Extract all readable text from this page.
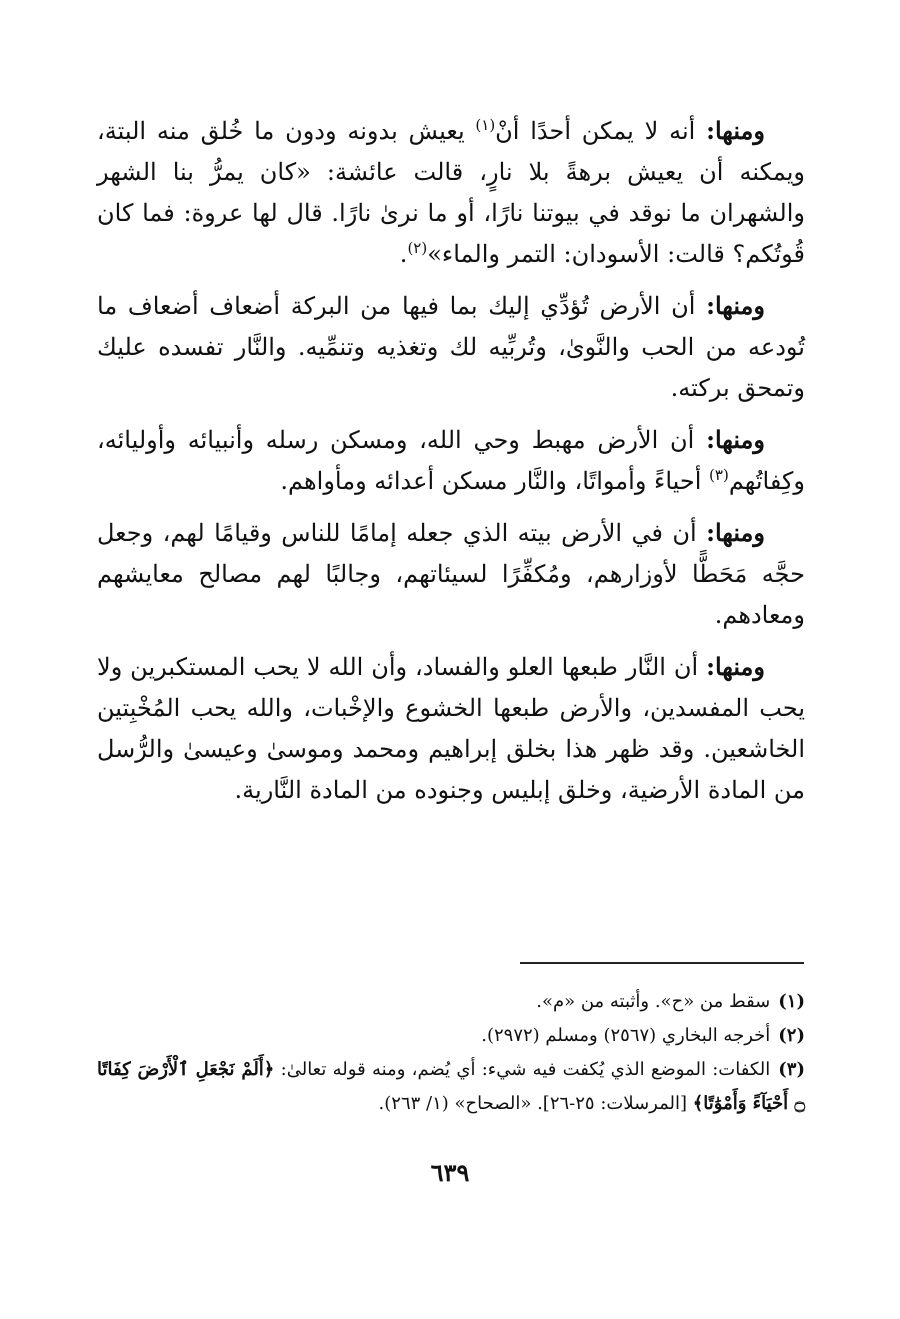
ومنها: أنه لا يمكن أحدًا أنْ$^{(١)}$ يعيش بدونه ودون ما خُلق منه البتة، ويمكنه أن يعيش برهةً بلا نارٍ، قالت عائشة: «كان يمرُّ بنا الشهر والشهران ما نوقد في بيوتنا نارًا، أو ما نرىٰ نارًا. قال لها عروة: فما كان قُوتُكم؟ قالت: الأسودان: التمر والماء»$^{(٢)}$.

ومنها: أن الأرض تُؤدِّي إليك بما فيها من البركة أضعاف أضعاف ما تُودعه من الحب والنَّوىٰ، وتُربِّيه لك وتغذيه وتنمِّيه. والنَّار تفسده عليك وتمحق بركته.

ومنها: أن الأرض مهبط وحي الله، ومسكن رسله وأنبيائه وأوليائه، وكِفاتُهم$^{(٣)}$ أحياءً وأمواتًا، والنَّار مسكن أعدائه ومأواهم.

ومنها: أن في الأرض بيته الذي جعله إمامًا للناس وقيامًا لهم، وجعل حجَّه مَحَطًّا لأوزارهم، ومُكفِّرًا لسيئاتهم، وجالبًا لهم مصالح معايشهم ومعادهم.

ومنها: أن النَّار طبعها العلو والفساد، وأن الله لا يحب المستكبرين ولا يحب المفسدين، والأرض طبعها الخشوع والإخْبات، والله يحب المُخْبِتين الخاشعين. وقد ظهر هذا بخلق إبراهيم ومحمد وموسىٰ وعيسىٰ والرُّسل من المادة الأرضية، وخلق إبليس وجنوده من المادة النَّارية.

(١)سقط من «ح». وأثبته من «م».

(٢)أخرجه البخاري (٢٥٦٧) ومسلم (٢٩٧٢).

(٣)الكفات: الموضع الذي يُكفت فيه شيء: أي يُضم، ومنه قوله تعالىٰ: ﴿أَلَمْ نَجْعَلِ ٱلْأَرْضَ كِفَاتًا ۝ أَحْيَآءً وَأَمْوَٰتًا﴾ [المرسلات: ٢٥-٢٦]. «الصحاح» (١/ ٢٦٣).

٦٣٩
